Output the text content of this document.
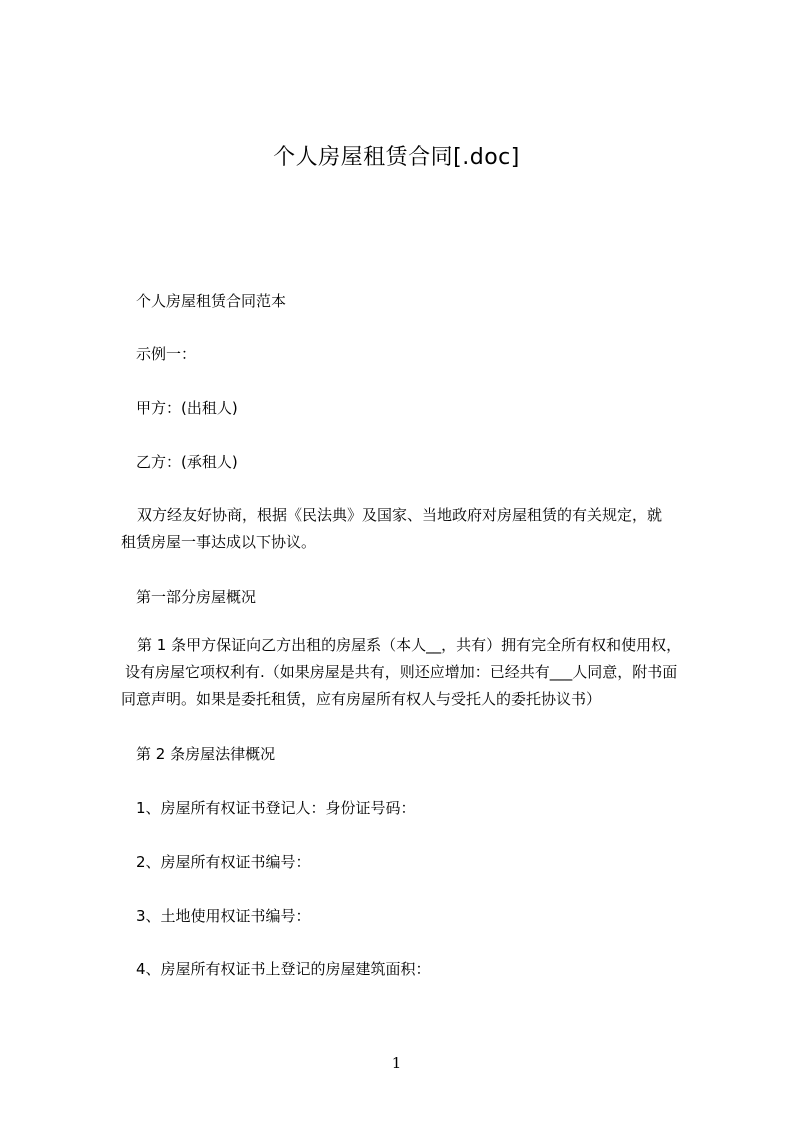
个人房屋租赁合同[.doc]
个人房屋租赁合同范本
示例一：
甲方：(出租人)
乙方：(承租人)
双方经友好协商，根据《民法典》及国家、当地政府对房屋租赁的有关规定，就
租赁房屋一事达成以下协议。
第一部分房屋概况
第 1 条甲方保证向乙方出租的房屋系（本人__，共有）拥有完全所有权和使用权，
设有房屋它项权利有.（如果房屋是共有，则还应增加：已经共有___人同意，附书面
同意声明。如果是委托租赁，应有房屋所有权人与受托人的委托协议书）
第 2 条房屋法律概况
1、房屋所有权证书登记人：身份证号码：
2、房屋所有权证书编号：
3、土地使用权证书编号：
4、房屋所有权证书上登记的房屋建筑面积：
1
